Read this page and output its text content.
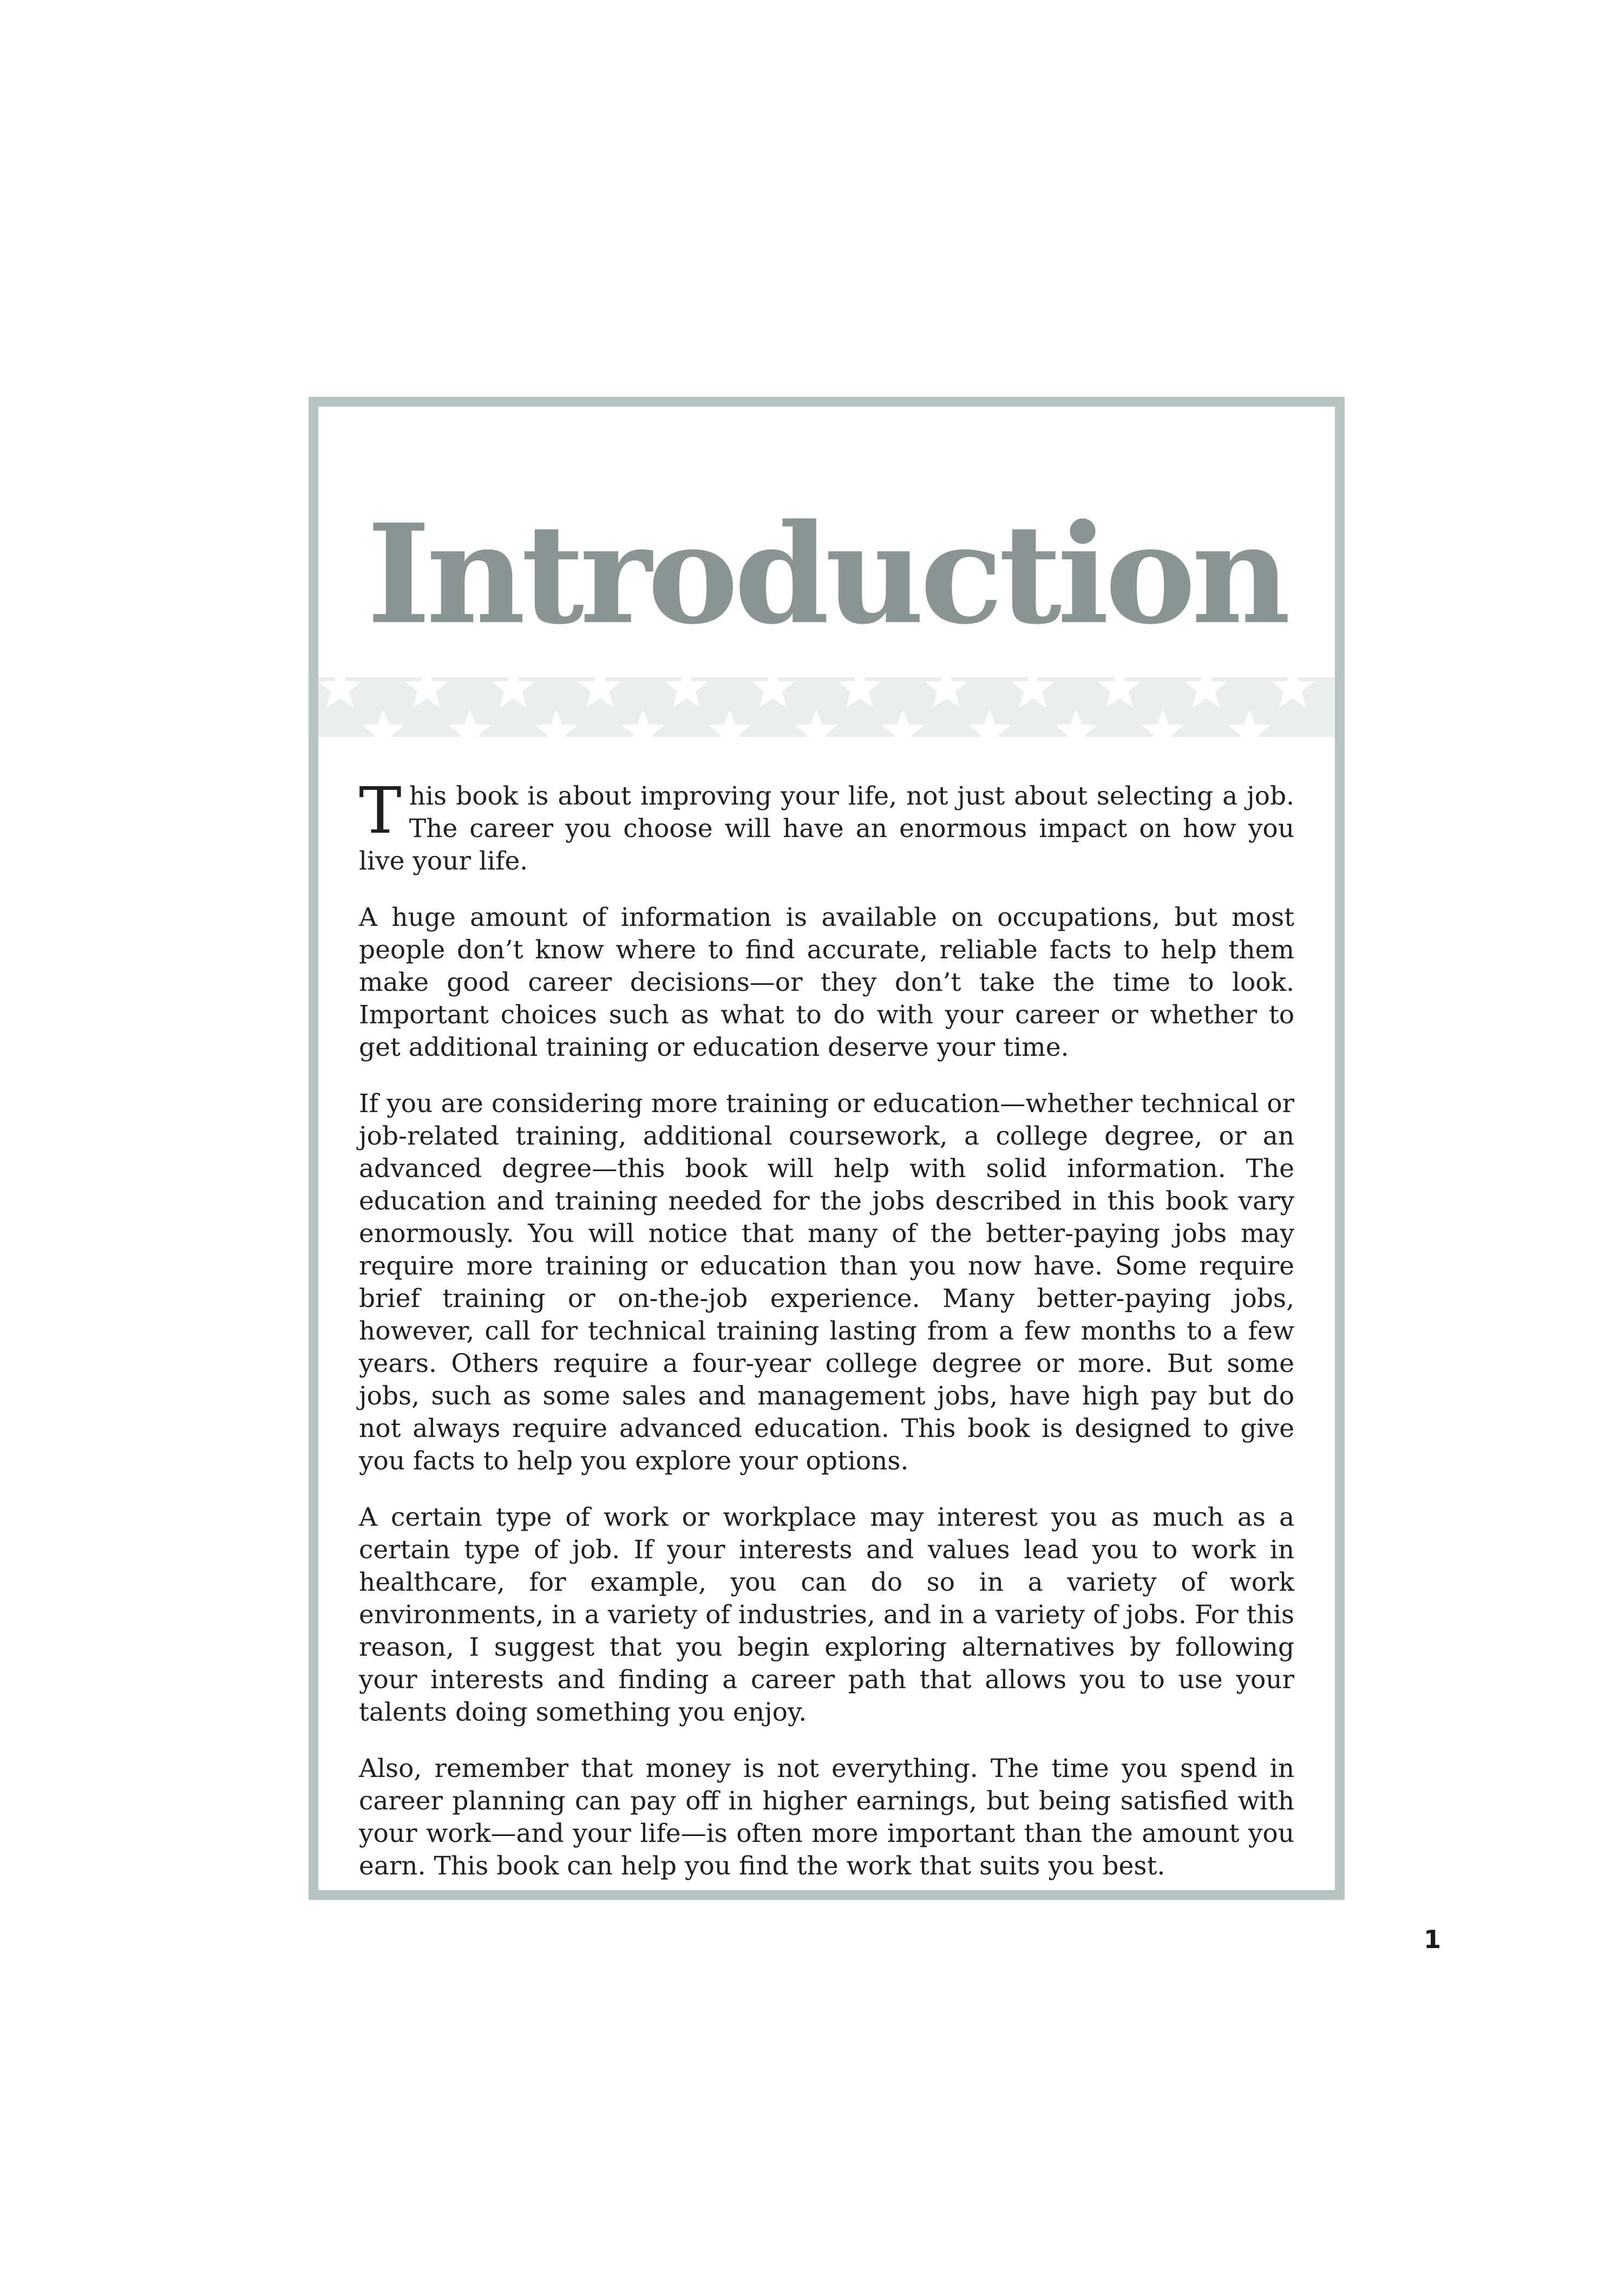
Introduction

This book is about improving your life, not just about selecting a job. The career you choose will have an enormous impact on how you live your life.

A huge amount of information is available on occupations, but most people don’t know where to find accurate, reliable facts to help them make good career decisions—or they don’t take the time to look. Important choices such as what to do with your career or whether to get additional training or education deserve your time.

If you are considering more training or education—whether technical or job-related training, additional coursework, a college degree, or an advanced degree—this book will help with solid information. The education and training needed for the jobs described in this book vary enormously. You will notice that many of the better-paying jobs may require more training or education than you now have. Some require brief training or on-the-job experience. Many better-paying jobs, however, call for technical training lasting from a few months to a few years. Others require a four-year college degree or more. But some jobs, such as some sales and management jobs, have high pay but do not always require advanced education. This book is designed to give you facts to help you explore your options.

A certain type of work or workplace may interest you as much as a certain type of job. If your interests and values lead you to work in healthcare, for example, you can do so in a variety of work environments, in a variety of industries, and in a variety of jobs. For this reason, I suggest that you begin exploring alternatives by following your interests and finding a career path that allows you to use your talents doing something you enjoy.

Also, remember that money is not everything. The time you spend in career planning can pay off in higher earnings, but being satisfied with your work—and your life—is often more important than the amount you earn. This book can help you find the work that suits you best.

1
